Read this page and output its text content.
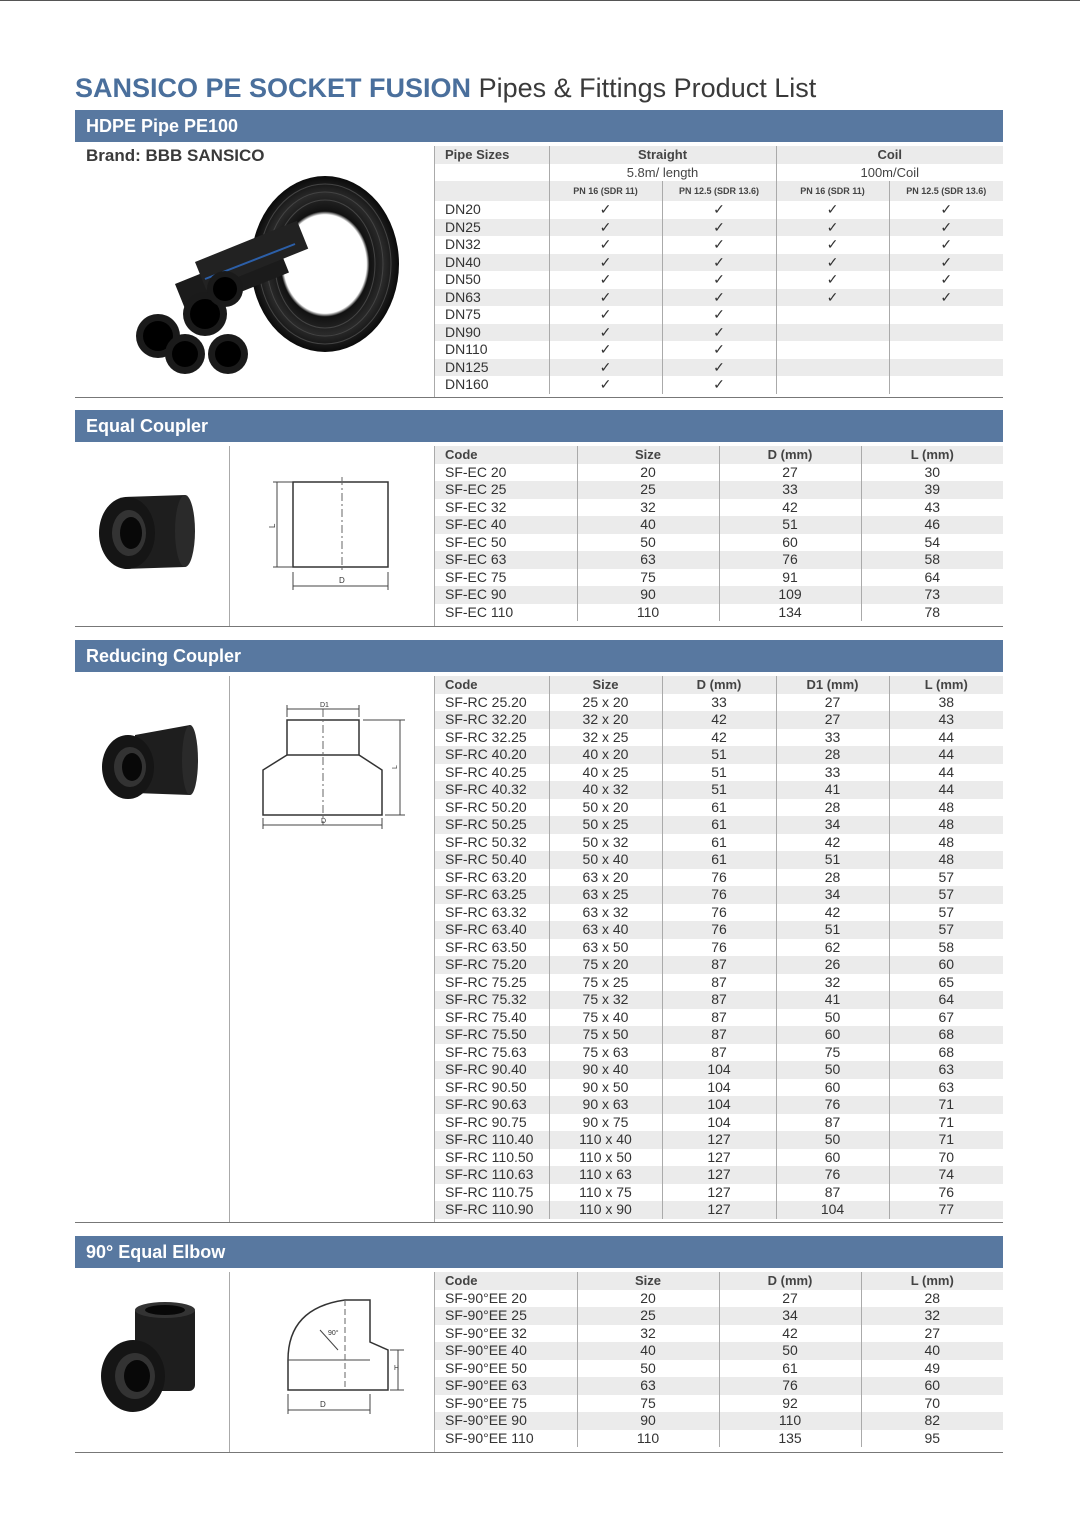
SANSICO PE SOCKET FUSION Pipes & Fittings Product List
HDPE Pipe PE100
Brand: BBB SANSICO	Pipe Sizes	Straight		Coil	
	5.8m/ length		100m/Coil	
	PN 16 (SDR 11)	PN 12.5 (SDR 13.6)	PN 16 (SDR 11)	PN 12.5 (SDR 13.6)
DN20	✓	✓	✓	✓
DN25	✓	✓	✓	✓
DN32	✓	✓	✓	✓
DN40	✓	✓	✓	✓
DN50	✓	✓	✓	✓
DN63	✓	✓	✓	✓
DN75	✓	✓		
DN90	✓	✓		
DN110	✓	✓		
DN125	✓	✓		
DN160	✓	✓		
Equal Coupler
L
D
Code	Size	D (mm)	L (mm)
SF-EC 20	20	27	30
SF-EC 25	25	33	39
SF-EC 32	32	42	43
SF-EC 40	40	51	46
SF-EC 50	50	60	54
SF-EC 63	63	76	58
SF-EC 75	75	91	64
SF-EC 90	90	109	73
SF-EC 110	110	134	78
Reducing Coupler
D1
D
L
Code	Size	D (mm)	D1 (mm)	L (mm)
SF-RC 25.20	25 x 20	33	27	38
SF-RC 32.20	32 x 20	42	27	43
SF-RC 32.25	32 x 25	42	33	44
SF-RC 40.20	40 x 20	51	28	44
SF-RC 40.25	40 x 25	51	33	44
SF-RC 40.32	40 x 32	51	41	44
SF-RC 50.20	50 x 20	61	28	48
SF-RC 50.25	50 x 25	61	34	48
SF-RC 50.32	50 x 32	61	42	48
SF-RC 50.40	50 x 40	61	51	48
SF-RC 63.20	63 x 20	76	28	57
SF-RC 63.25	63 x 25	76	34	57
SF-RC 63.32	63 x 32	76	42	57
SF-RC 63.40	63 x 40	76	51	57
SF-RC 63.50	63 x 50	76	62	58
SF-RC 75.20	75 x 20	87	26	60
SF-RC 75.25	75 x 25	87	32	65
SF-RC 75.32	75 x 32	87	41	64
SF-RC 75.40	75 x 40	87	50	67
SF-RC 75.50	75 x 50	87	60	68
SF-RC 75.63	75 x 63	87	75	68
SF-RC 90.40	90 x 40	104	50	63
SF-RC 90.50	90 x 50	104	60	63
SF-RC 90.63	90 x 63	104	76	71
SF-RC 90.75	90 x 75	104	87	71
SF-RC 110.40	110 x 40	127	50	71
SF-RC 110.50	110 x 50	127	60	70
SF-RC 110.63	110 x 63	127	76	74
SF-RC 110.75	110 x 75	127	87	76
SF-RC 110.90	110 x 90	127	104	77
90° Equal Elbow
90°
D
H
Code	Size	D (mm)	L (mm)
SF-90°EE 20	20	27	28
SF-90°EE 25	25	34	32
SF-90°EE 32	32	42	27
SF-90°EE 40	40	50	40
SF-90°EE 50	50	61	49
SF-90°EE 63	63	76	60
SF-90°EE 75	75	92	70
SF-90°EE 90	90	110	82
SF-90°EE 110	110	135	95
